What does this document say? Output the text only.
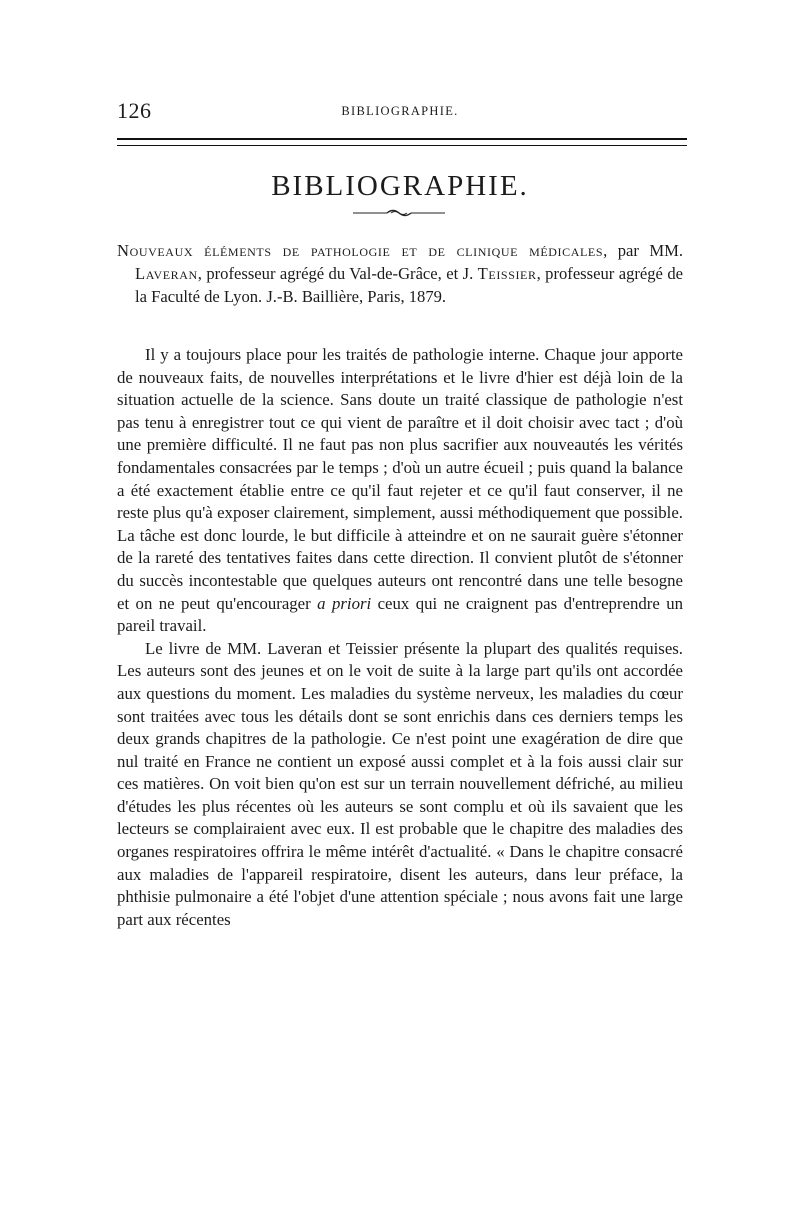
126	BIBLIOGRAPHIE.
BIBLIOGRAPHIE.
Nouveaux éléments de pathologie et de clinique médicales, par MM. Laveran, professeur agrégé du Val-de-Grâce, et J. Teissier, professeur agrégé de la Faculté de Lyon. J.-B. Baillière, Paris, 1879.

Il y a toujours place pour les traités de pathologie interne. Chaque jour apporte de nouveaux faits, de nouvelles interprétations et le livre d'hier est déjà loin de la situation actuelle de la science. Sans doute un traité classique de pathologie n'est pas tenu à enregistrer tout ce qui vient de paraître et il doit choisir avec tact ; d'où une première difficulté. Il ne faut pas non plus sacrifier aux nouveautés les vérités fondamentales consacrées par le temps ; d'où un autre écueil ; puis quand la balance a été exactement établie entre ce qu'il faut rejeter et ce qu'il faut conserver, il ne reste plus qu'à exposer clairement, simplement, aussi méthodiquement que possible. La tâche est donc lourde, le but difficile à atteindre et on ne saurait guère s'étonner de la rareté des tentatives faites dans cette direction. Il convient plutôt de s'étonner du succès incontestable que quelques auteurs ont rencontré dans une telle besogne et on ne peut qu'encourager a priori ceux qui ne craignent pas d'entreprendre un pareil travail.

Le livre de MM. Laveran et Teissier présente la plupart des qualités requises. Les auteurs sont des jeunes et on le voit de suite à la large part qu'ils ont accordée aux questions du moment. Les maladies du système nerveux, les maladies du cœur sont traitées avec tous les détails dont se sont enrichis dans ces derniers temps les deux grands chapitres de la pathologie. Ce n'est point une exagération de dire que nul traité en France ne contient un exposé aussi complet et à la fois aussi clair sur ces matières. On voit bien qu'on est sur un terrain nouvellement défriché, au milieu d'études les plus récentes où les auteurs se sont complu et où ils savaient que les lecteurs se complairaient avec eux. Il est probable que le chapitre des maladies des organes respiratoires offrira le même intérêt d'actualité. « Dans le chapitre consacré aux maladies de l'appareil respiratoire, disent les auteurs, dans leur préface, la phthisie pulmonaire a été l'objet d'une attention spéciale ; nous avons fait une large part aux récentes
